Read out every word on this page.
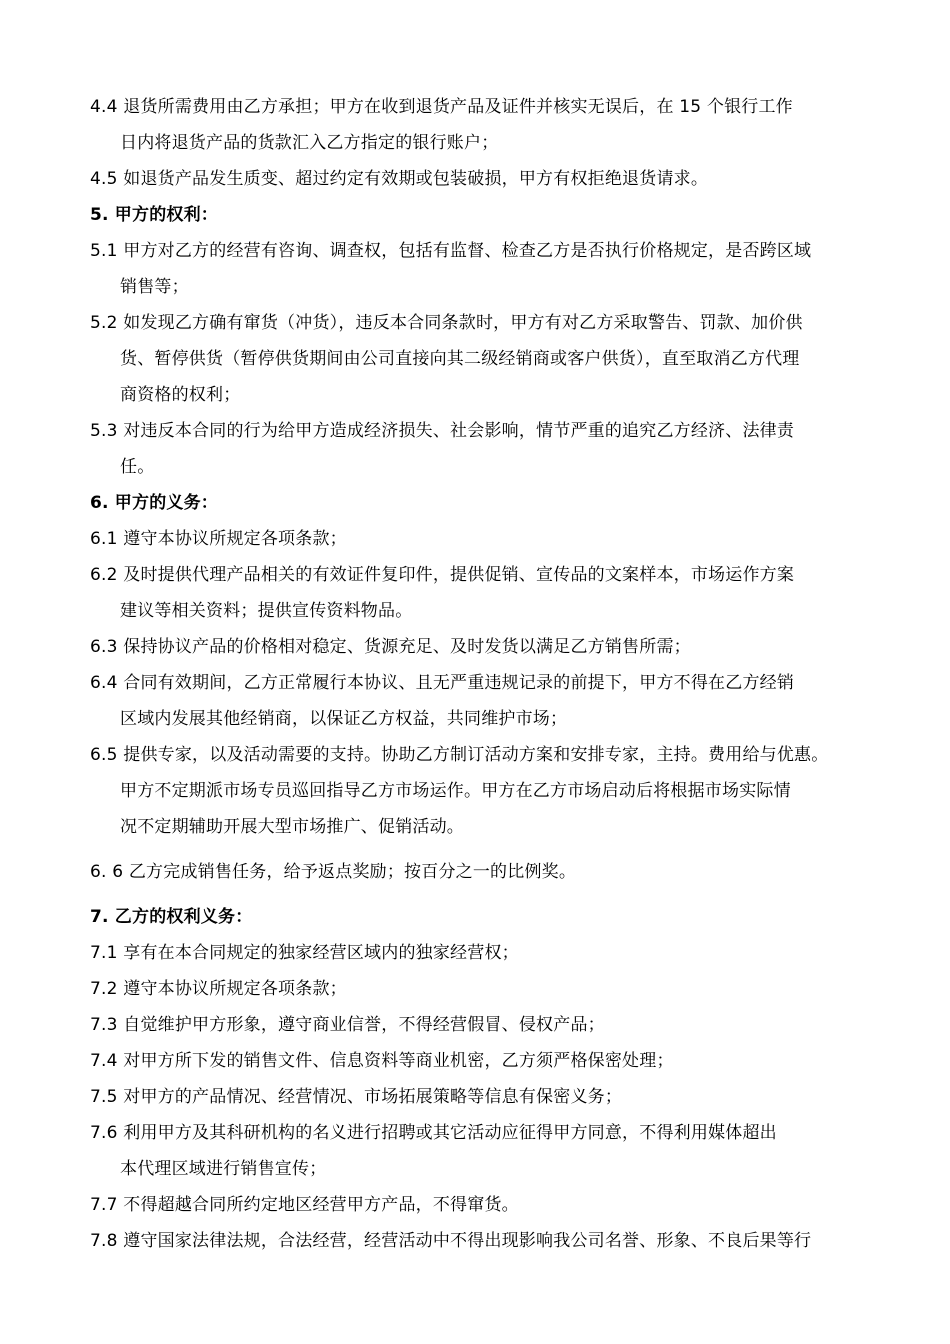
4.4 退货所需费用由乙方承担；甲方在收到退货产品及证件并核实无误后，在 15 个银行工作
日内将退货产品的货款汇入乙方指定的银行账户；
4.5 如退货产品发生质变、超过约定有效期或包装破损，甲方有权拒绝退货请求。
5. 甲方的权利：
5.1 甲方对乙方的经营有咨询、调查权，包括有监督、检查乙方是否执行价格规定，是否跨区域
销售等；
5.2 如发现乙方确有窜货（冲货），违反本合同条款时，甲方有对乙方采取警告、罚款、加价供
货、暂停供货（暂停供货期间由公司直接向其二级经销商或客户供货），直至取消乙方代理
商资格的权利；
5.3 对违反本合同的行为给甲方造成经济损失、社会影响，情节严重的追究乙方经济、法律责
任。
6. 甲方的义务：
6.1 遵守本协议所规定各项条款；
6.2 及时提供代理产品相关的有效证件复印件，提供促销、宣传品的文案样本，市场运作方案
建议等相关资料；提供宣传资料物品。
6.3 保持协议产品的价格相对稳定、货源充足、及时发货以满足乙方销售所需；
6.4 合同有效期间，乙方正常履行本协议、且无严重违规记录的前提下，甲方不得在乙方经销
区域内发展其他经销商，以保证乙方权益，共同维护市场；
6.5 提供专家，以及活动需要的支持。协助乙方制订活动方案和安排专家，主持。费用给与优惠。
甲方不定期派市场专员巡回指导乙方市场运作。甲方在乙方市场启动后将根据市场实际情
况不定期辅助开展大型市场推广、促销活动。
6. 6 乙方完成销售任务，给予返点奖励；按百分之一的比例奖。
7. 乙方的权利义务：
7.1 享有在本合同规定的独家经营区域内的独家经营权；
7.2 遵守本协议所规定各项条款；
7.3 自觉维护甲方形象，遵守商业信誉，不得经营假冒、侵权产品；
7.4 对甲方所下发的销售文件、信息资料等商业机密，乙方须严格保密处理；
7.5 对甲方的产品情况、经营情况、市场拓展策略等信息有保密义务；
7.6 利用甲方及其科研机构的名义进行招聘或其它活动应征得甲方同意，不得利用媒体超出
本代理区域进行销售宣传；
7.7 不得超越合同所约定地区经营甲方产品，不得窜货。
7.8 遵守国家法律法规，合法经营，经营活动中不得出现影响我公司名誉、形象、不良后果等行
